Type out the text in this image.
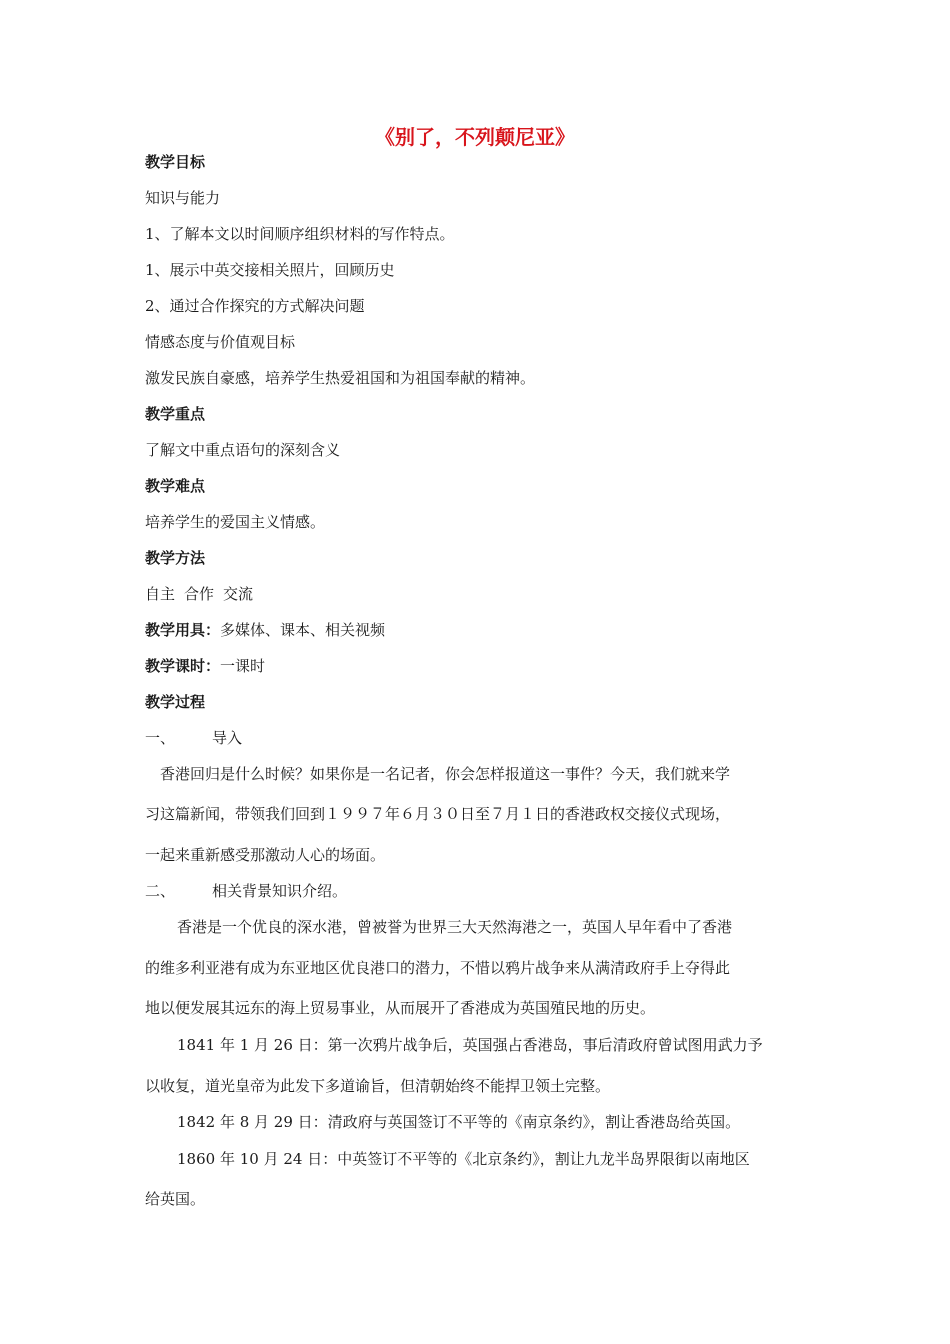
《别了，不列颠尼亚》
教学目标
知识与能力
1、了解本文以时间顺序组织材料的写作特点。
1、展示中英交接相关照片，回顾历史
2、通过合作探究的方式解决问题
情感态度与价值观目标
激发民族自豪感，培养学生热爱祖国和为祖国奉献的精神。
教学重点
了解文中重点语句的深刻含义
教学难点
培养学生的爱国主义情感。
教学方法
自主 合作 交流
教学用具：多媒体、课本、相关视频
教学课时：一课时
教学过程
一、 导入
香港回归是什么时候？如果你是一名记者，你会怎样报道这一事件？今天，我们就来学
习这篇新闻，带领我们回到１９９７年６月３０日至７月１日的香港政权交接仪式现场，
一起来重新感受那激动人心的场面。
二、 相关背景知识介绍。
香港是一个优良的深水港，曾被誉为世界三大天然海港之一，英国人早年看中了香港
的维多利亚港有成为东亚地区优良港口的潜力，不惜以鸦片战争来从满清政府手上夺得此
地以便发展其远东的海上贸易事业，从而展开了香港成为英国殖民地的历史。
1841 年 1 月 26 日：第一次鸦片战争后，英国强占香港岛，事后清政府曾试图用武力予
以收复，道光皇帝为此发下多道谕旨，但清朝始终不能捍卫领土完整。
1842 年 8 月 29 日：清政府与英国签订不平等的《南京条约》，割让香港岛给英国。
1860 年 10 月 24 日：中英签订不平等的《北京条约》，割让九龙半岛界限街以南地区
给英国。
